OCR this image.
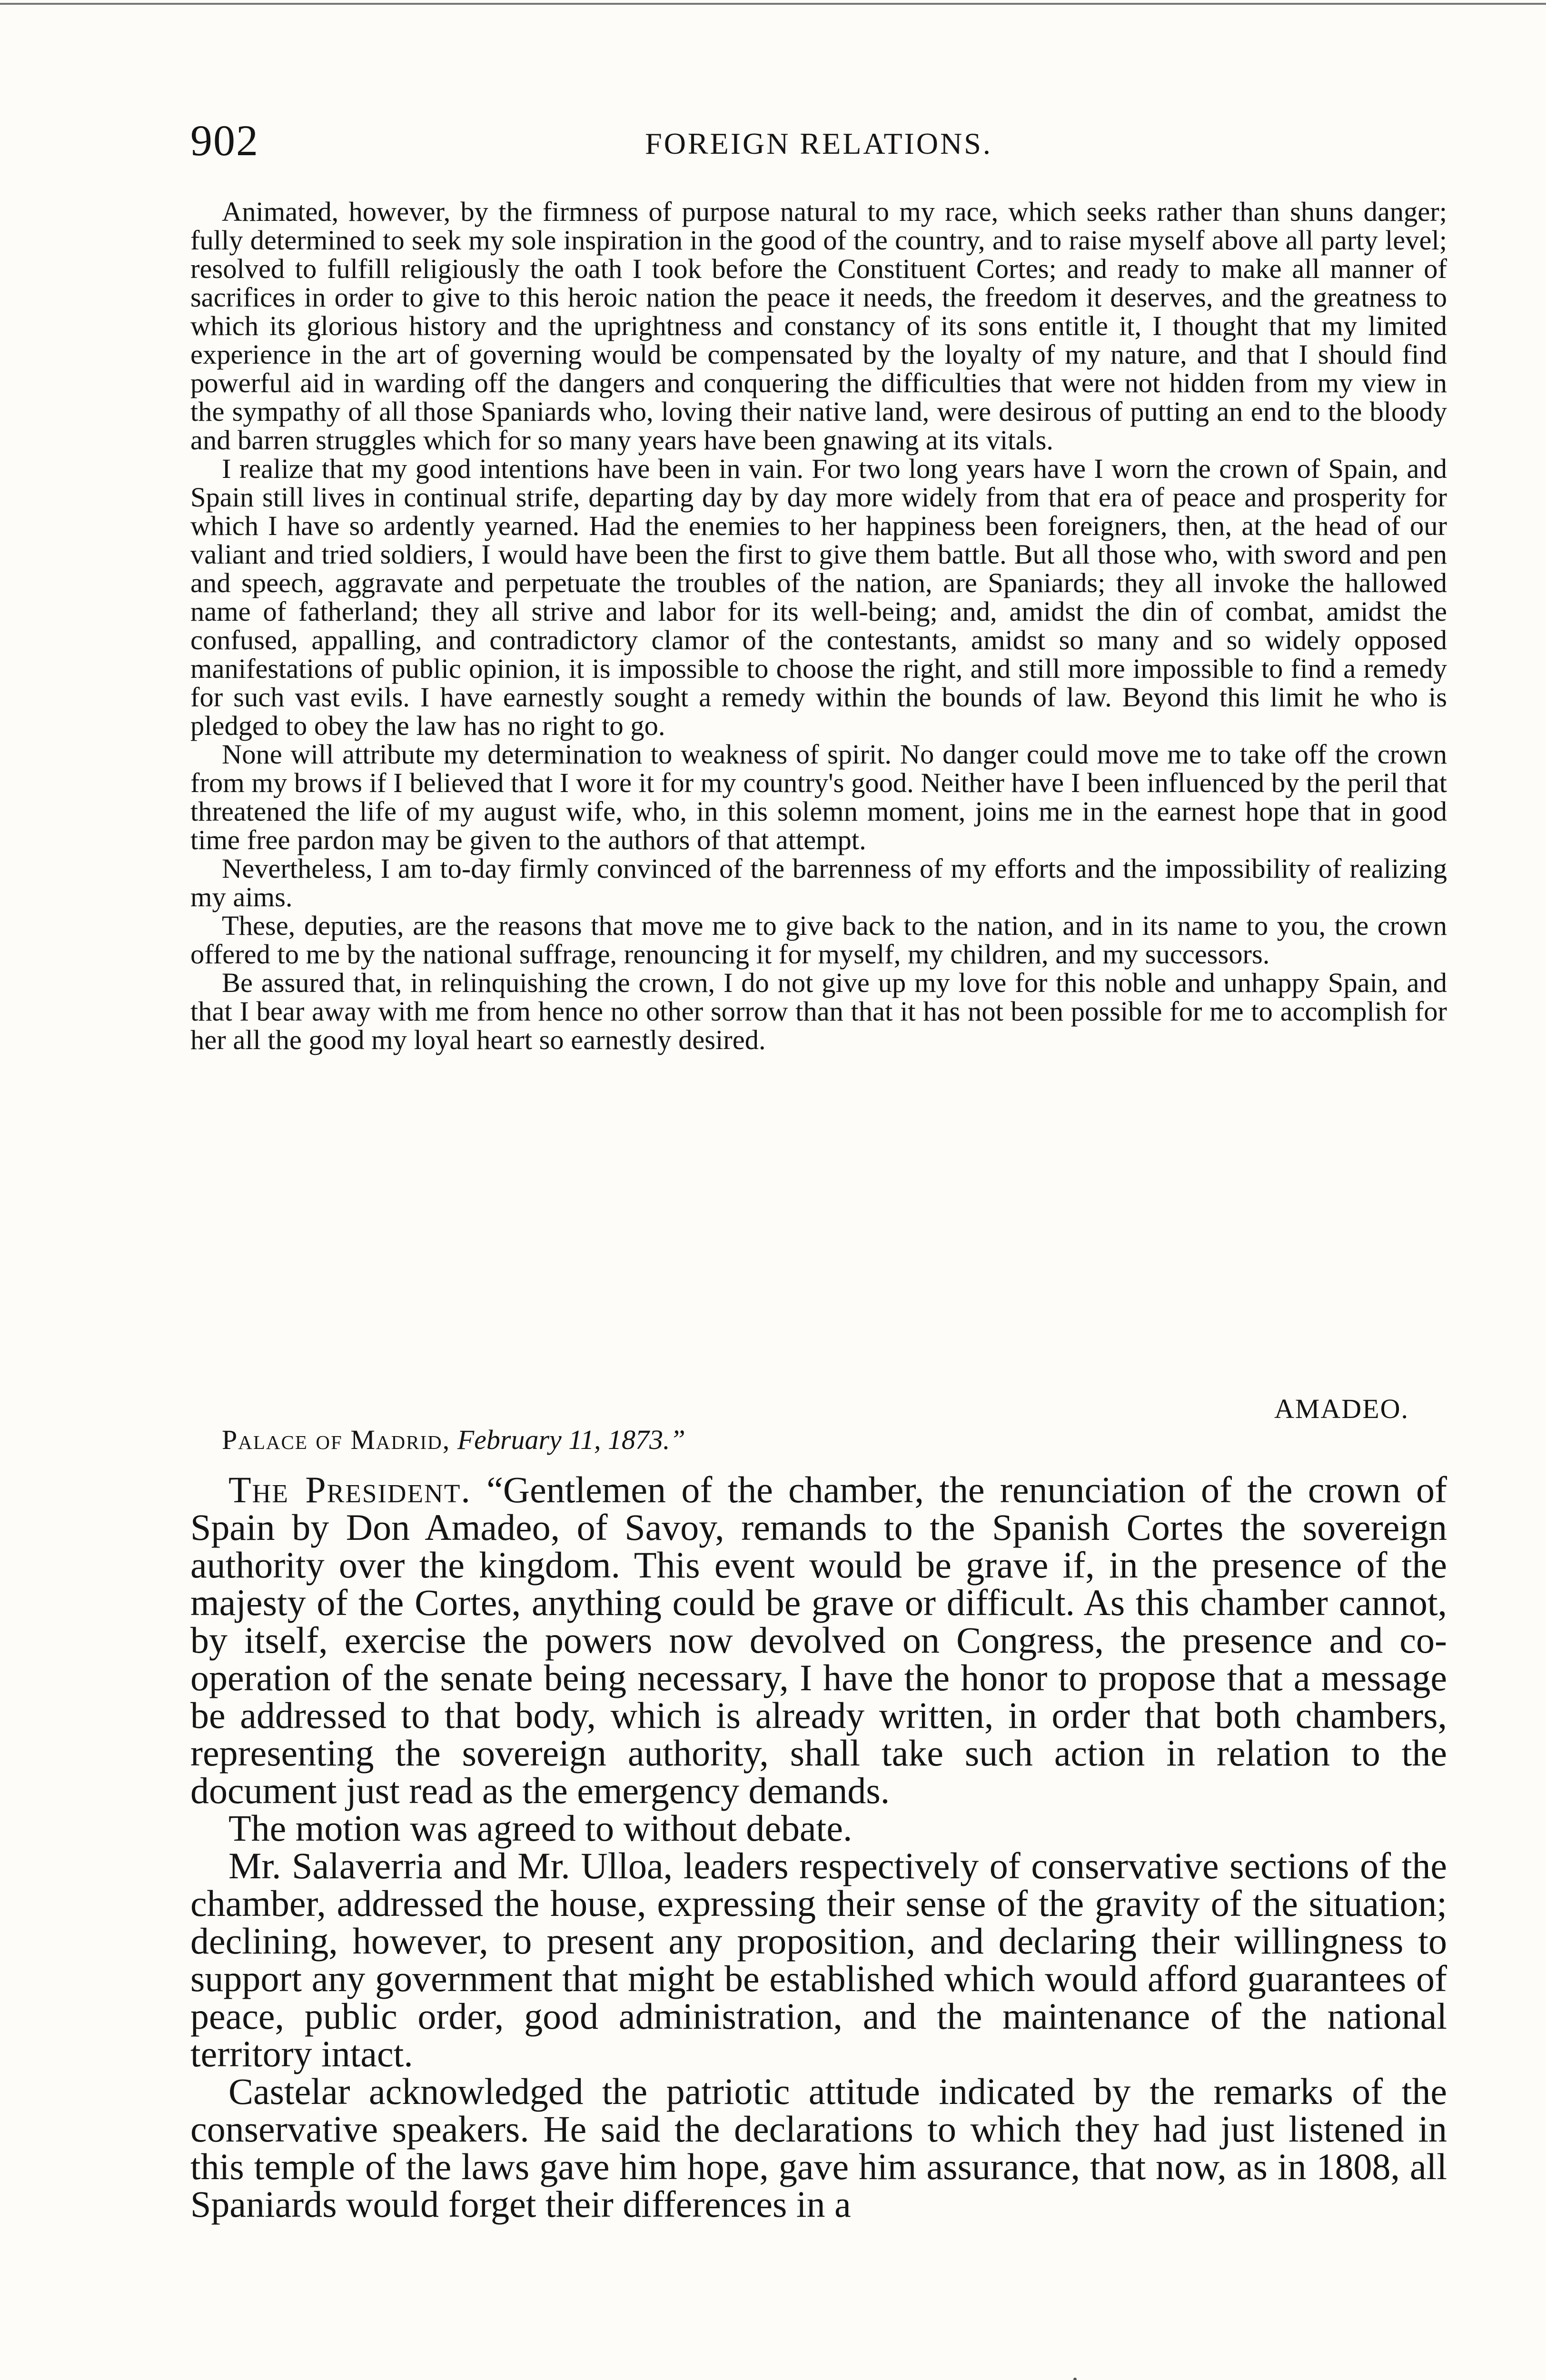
902	FOREIGN RELATIONS.

Animated, however, by the firmness of purpose natural to my race, which seeks rather than shuns danger; fully determined to seek my sole inspiration in the good of the country, and to raise myself above all party level; resolved to fulfill religiously the oath I took before the Constituent Cortes; and ready to make all manner of sacrifices in order to give to this heroic nation the peace it needs, the freedom it deserves, and the greatness to which its glorious history and the uprightness and constancy of its sons entitle it, I thought that my limited experience in the art of governing would be compensated by the loyalty of my nature, and that I should find powerful aid in warding off the dangers and conquering the difficulties that were not hidden from my view in the sympathy of all those Spaniards who, loving their native land, were desirous of putting an end to the bloody and barren struggles which for so many years have been gnawing at its vitals.

I realize that my good intentions have been in vain. For two long years have I worn the crown of Spain, and Spain still lives in continual strife, departing day by day more widely from that era of peace and prosperity for which I have so ardently yearned. Had the enemies to her happiness been foreigners, then, at the head of our valiant and tried soldiers, I would have been the first to give them battle. But all those who, with sword and pen and speech, aggravate and perpetuate the troubles of the nation, are Spaniards; they all invoke the hallowed name of fatherland; they all strive and labor for its well-being; and, amidst the din of combat, amidst the confused, appalling, and contradictory clamor of the contestants, amidst so many and so widely opposed manifestations of public opinion, it is impossible to choose the right, and still more impossible to find a remedy for such vast evils. I have earnestly sought a remedy within the bounds of law. Beyond this limit he who is pledged to obey the law has no right to go.

None will attribute my determination to weakness of spirit. No danger could move me to take off the crown from my brows if I believed that I wore it for my country's good. Neither have I been influenced by the peril that threatened the life of my august wife, who, in this solemn moment, joins me in the earnest hope that in good time free pardon may be given to the authors of that attempt.

Nevertheless, I am to-day firmly convinced of the barrenness of my efforts and the impossibility of realizing my aims.

These, deputies, are the reasons that move me to give back to the nation, and in its name to you, the crown offered to me by the national suffrage, renouncing it for myself, my children, and my successors.

Be assured that, in relinquishing the crown, I do not give up my love for this noble and unhappy Spain, and that I bear away with me from hence no other sorrow than that it has not been possible for me to accomplish for her all the good my loyal heart so earnestly desired.

AMADEO.
Palace of Madrid, February 11, 1873.”

The President. “Gentlemen of the chamber, the renunciation of the crown of Spain by Don Amadeo, of Savoy, remands to the Spanish Cortes the sovereign authority over the kingdom. This event would be grave if, in the presence of the majesty of the Cortes, anything could be grave or difficult. As this chamber cannot, by itself, exercise the powers now devolved on Congress, the presence and co-operation of the senate being necessary, I have the honor to propose that a message be addressed to that body, which is already written, in order that both chambers, representing the sovereign authority, shall take such action in relation to the document just read as the emergency demands.

The motion was agreed to without debate.

Mr. Salaverria and Mr. Ulloa, leaders respectively of conservative sections of the chamber, addressed the house, expressing their sense of the gravity of the situation; declining, however, to present any proposition, and declaring their willingness to support any government that might be established which would afford guarantees of peace, public order, good administration, and the maintenance of the national territory intact.

Castelar acknowledged the patriotic attitude indicated by the remarks of the conservative speakers. He said the declarations to which they had just listened in this temple of the laws gave him hope, gave him assurance, that now, as in 1808, all Spaniards would forget their differences in a
